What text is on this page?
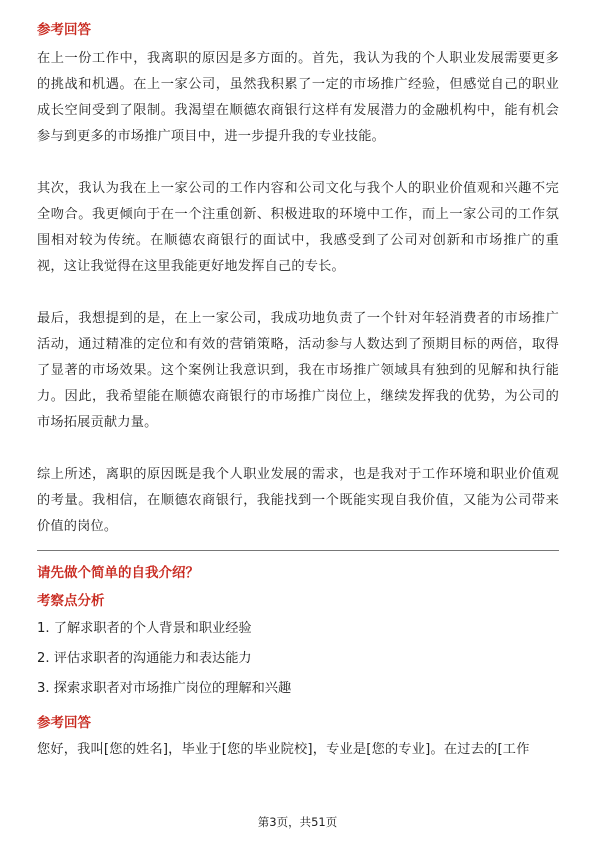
参考回答

在上一份工作中，我离职的原因是多方面的。首先，我认为我的个人职业发展需要更多的挑战和机遇。在上一家公司，虽然我积累了一定的市场推广经验，但感觉自己的职业成长空间受到了限制。我渴望在顺德农商银行这样有发展潜力的金融机构中，能有机会参与到更多的市场推广项目中，进一步提升我的专业技能。

其次，我认为我在上一家公司的工作内容和公司文化与我个人的职业价值观和兴趣不完全吻合。我更倾向于在一个注重创新、积极进取的环境中工作，而上一家公司的工作氛围相对较为传统。在顺德农商银行的面试中，我感受到了公司对创新和市场推广的重视，这让我觉得在这里我能更好地发挥自己的专长。

最后，我想提到的是，在上一家公司，我成功地负责了一个针对年轻消费者的市场推广活动，通过精准的定位和有效的营销策略，活动参与人数达到了预期目标的两倍，取得了显著的市场效果。这个案例让我意识到，我在市场推广领域具有独到的见解和执行能力。因此，我希望能在顺德农商银行的市场推广岗位上，继续发挥我的优势，为公司的市场拓展贡献力量。

综上所述，离职的原因既是我个人职业发展的需求，也是我对于工作环境和职业价值观的考量。我相信，在顺德农商银行，我能找到一个既能实现自我价值，又能为公司带来价值的岗位。

请先做个简单的自我介绍？

考察点分析

1. 了解求职者的个人背景和职业经验

2. 评估求职者的沟通能力和表达能力

3. 探索求职者对市场推广岗位的理解和兴趣

参考回答

您好，我叫[您的姓名]，毕业于[您的毕业院校]，专业是[您的专业]。在过去的[工作

第3页，共51页
